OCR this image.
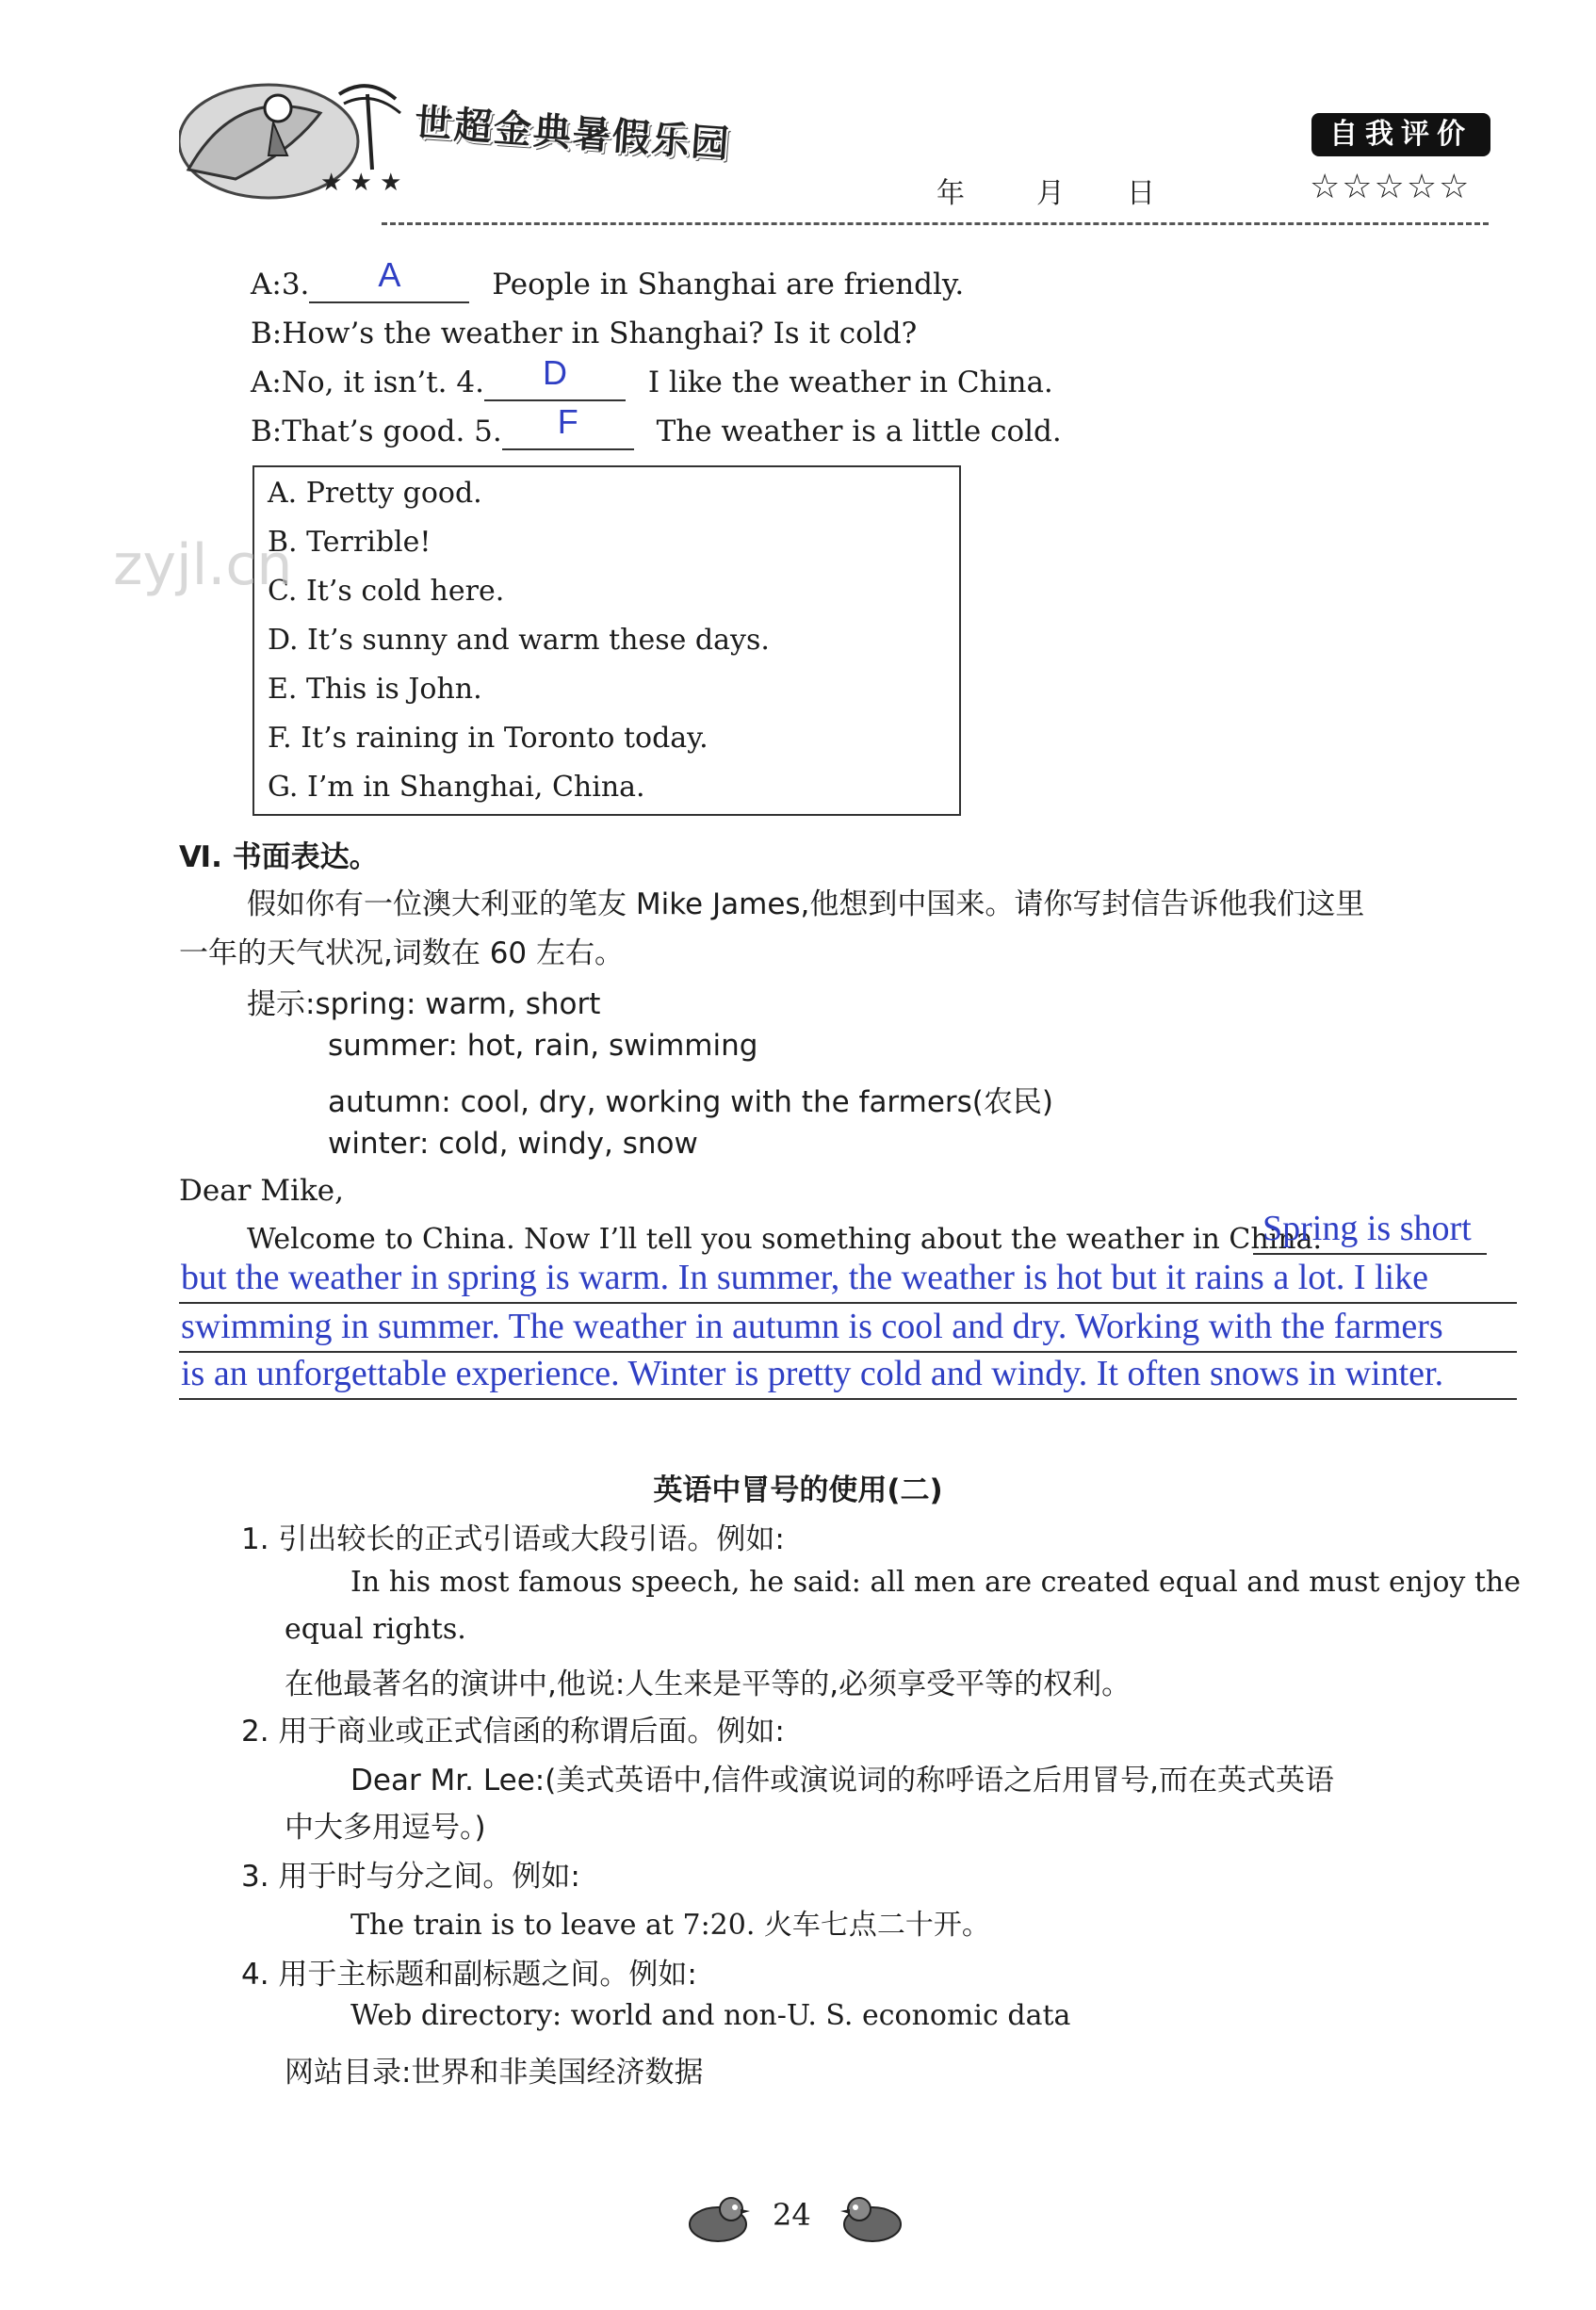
★ ★ ★
世超金典暑假乐园
年	月 日
自我评价
☆☆☆☆☆
A:3. A	People in Shanghai are friendly.
B:How’s the weather in Shanghai? Is it cold?
A:No, it isn’t. 4. D	I like the weather in China.
B:That’s good. 5. F	The weather is a little cold.
A. Pretty good.
B. Terrible!
C. It’s cold here.
D. It’s sunny and warm these days.
E. This is John.
F. It’s raining in Toronto today.
G. I’m in Shanghai, China.
zyjl.cn
Ⅵ. 书面表达。
假如你有一位澳大利亚的笔友 Mike James,他想到中国来。请你写封信告诉他我们这里
一年的天气状况,词数在 60 左右。
提示:spring: warm, short
summer: hot, rain, swimming
autumn: cool, dry, working with the farmers(农民)
winter: cold, windy, snow
Dear Mike,
Welcome to China. Now I’ll tell you something about the weather in China.
Spring is short
but the weather in spring is warm. In summer, the weather is hot but it rains a lot. I like
swimming in summer. The weather in autumn is cool and dry. Working with the farmers
is an unforgettable experience. Winter is pretty cold and windy. It often snows in winter.
英语中冒号的使用(二)
1. 引出较长的正式引语或大段引语。例如:
In his most famous speech, he said: all men are created equal and must enjoy the
equal rights.
在他最著名的演讲中,他说:人生来是平等的,必须享受平等的权利。
2. 用于商业或正式信函的称谓后面。例如:
Dear Mr. Lee:(美式英语中,信件或演说词的称呼语之后用冒号,而在英式英语
中大多用逗号。)
3. 用于时与分之间。例如:
The train is to leave at 7:20. 火车七点二十开。
4. 用于主标题和副标题之间。例如:
Web directory: world and non-U. S. economic data
网站目录:世界和非美国经济数据
24
